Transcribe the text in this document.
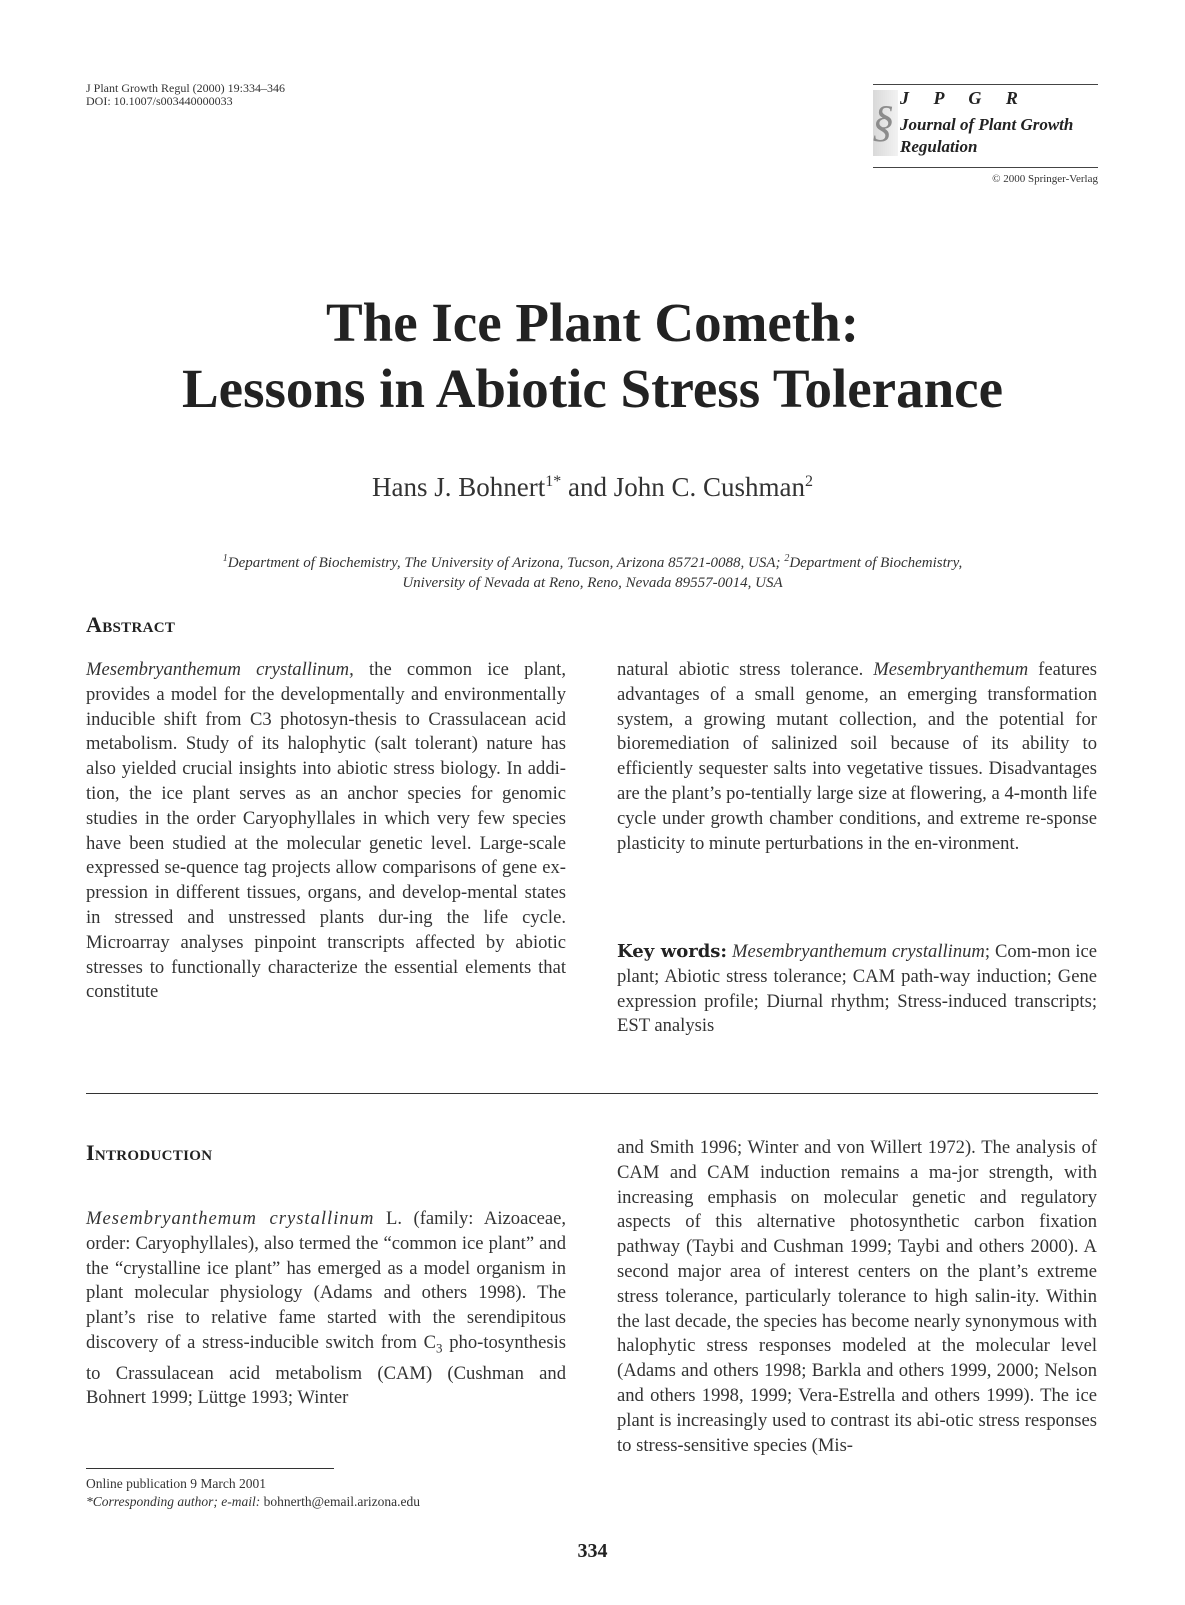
J Plant Growth Regul (2000) 19:334–346
DOI: 10.1007/s003440000033	§ J P G R
Journal of Plant Growth
Regulation
© 2000 Springer-Verlag
The Ice Plant Cometh:
Lessons in Abiotic Stress Tolerance
Hans J. Bohnert$^{1*}$ and John C. Cushman$^2$
$^1$Department of Biochemistry, The University of Arizona, Tucson, Arizona 85721-0088, USA; $^2$Department of Biochemistry,
University of Nevada at Reno, Reno, Nevada 89557-0014, USA
Abstract

Mesembryanthemum crystallinum, the common ice plant, provides a model for the developmentally and environmentally inducible shift from C3 photosyn-thesis to Crassulacean acid metabolism. Study of its halophytic (salt tolerant) nature has also yielded crucial insights into abiotic stress biology. In addi-tion, the ice plant serves as an anchor species for genomic studies in the order Caryophyllales in which very few species have been studied at the molecular genetic level. Large-scale expressed se-quence tag projects allow comparisons of gene ex-pression in different tissues, organs, and develop-mental states in stressed and unstressed plants dur-ing the life cycle. Microarray analyses pinpoint transcripts affected by abiotic stresses to functionally characterize the essential elements that constitute

natural abiotic stress tolerance. Mesembryanthemum features advantages of a small genome, an emerging transformation system, a growing mutant collection, and the potential for bioremediation of salinized soil because of its ability to efficiently sequester salts into vegetative tissues. Disadvantages are the plant’s po-tentially large size at flowering, a 4-month life cycle under growth chamber conditions, and extreme re-sponse plasticity to minute perturbations in the en-vironment.

Key words: Mesembryanthemum crystallinum; Com-mon ice plant; Abiotic stress tolerance; CAM path-way induction; Gene expression profile; Diurnal rhythm; Stress-induced transcripts; EST analysis

Introduction

Mesembryanthemum crystallinum L. (family: Aizoaceae, order: Caryophyllales), also termed the “common ice plant” and the “crystalline ice plant” has emerged as a model organism in plant molecular physiology (Adams and others 1998). The plant’s rise to relative fame started with the serendipitous discovery of a stress-inducible switch from $C_3$ pho-tosynthesis to Crassulacean acid metabolism (CAM) (Cushman and Bohnert 1999; Lüttge 1993; Winter

and Smith 1996; Winter and von Willert 1972). The analysis of CAM and CAM induction remains a ma-jor strength, with increasing emphasis on molecular genetic and regulatory aspects of this alternative photosynthetic carbon fixation pathway (Taybi and Cushman 1999; Taybi and others 2000). A second major area of interest centers on the plant’s extreme stress tolerance, particularly tolerance to high salin-ity. Within the last decade, the species has become nearly synonymous with halophytic stress responses modeled at the molecular level (Adams and others 1998; Barkla and others 1999, 2000; Nelson and others 1998, 1999; Vera-Estrella and others 1999). The ice plant is increasingly used to contrast its abi-otic stress responses to stress-sensitive species (Mis-

Online publication 9 March 2001
*Corresponding author; e-mail: bohnerth@email.arizona.edu
334
